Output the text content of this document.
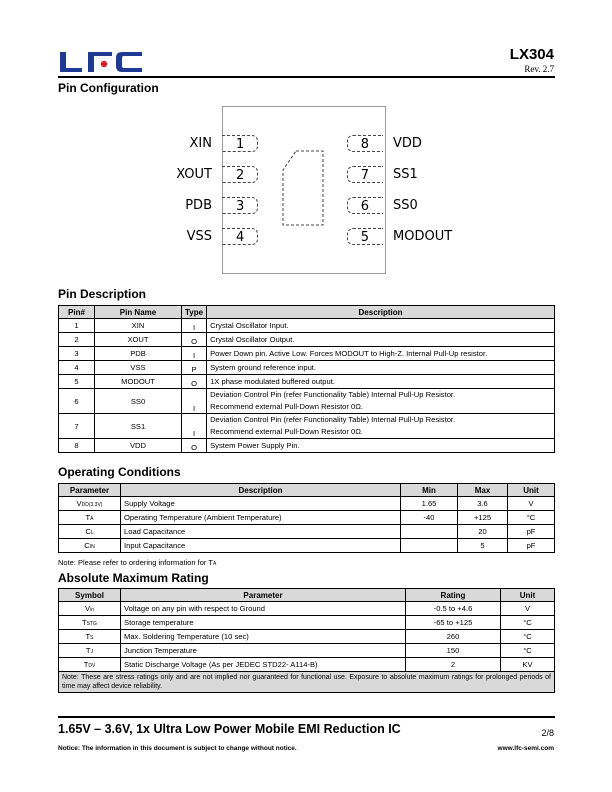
LX304
Rev. 2.7
Pin Configuration
1
2
3
4
XIN
XOUT
PDB
VSS
8
7
6
5
VDD
SS1
SS0
MODOUT
Pin Description
Pin#	Pin Name	Type	Description
1	XIN	I	Crystal Oscillator Input.

2	XOUT	O	Crystal Oscillator Output.

3	PDB	I	Power Down pin. Active Low. Forces MODOUT to High-Z. Internal Pull-Up resistor.

4	VSS	P	System ground reference input.

5	MODOUT	O	1X phase modulated buffered output.

6	SS0	I	Deviation Control Pin (refer Functionality Table) Internal Pull-Up Resistor.
Recommend external Pull-Down Resistor 0Ω.

7	SS1	I	Deviation Control Pin (refer Functionality Table) Internal Pull-Up Resistor.
Recommend external Pull-Down Resistor 0Ω.

8	VDD	O	System Power Supply Pin.
Operating Conditions
Parameter	Description	Min	Max	Unit
VDD(3.3V)	Supply Voltage	1.65	3.6	V
TA	Operating Temperature (Ambient Temperature)	-40	+125	°C
CL	Load Capacitance		20	pF
CIN	Input Capacitance		5	pF
Note: Please refer to ordering information for TA
Absolute Maximum Rating
Symbol	Parameter	Rating	Unit
Vin	Voltage on any pin with respect to Ground	-0.5 to +4.6	V
TSTG	Storage temperature	-65 to +125	°C
TS	Max. Soldering Temperature (10 sec)	260	°C
TJ	Junction Temperature	150	°C
TDV	Static Discharge Voltage (As per JEDEC STD22- A114-B)	2	KV
Note: These are stress ratings only and are not implied nor guaranteed for functional use. Exposure to absolute maximum ratings for prolonged periods of time may affect device reliability.			
1.65V – 3.6V, 1x Ultra Low Power Mobile EMI Reduction IC	2/8
Notice: The information in this document is subject to change without notice.	www.lfc-semi.com
